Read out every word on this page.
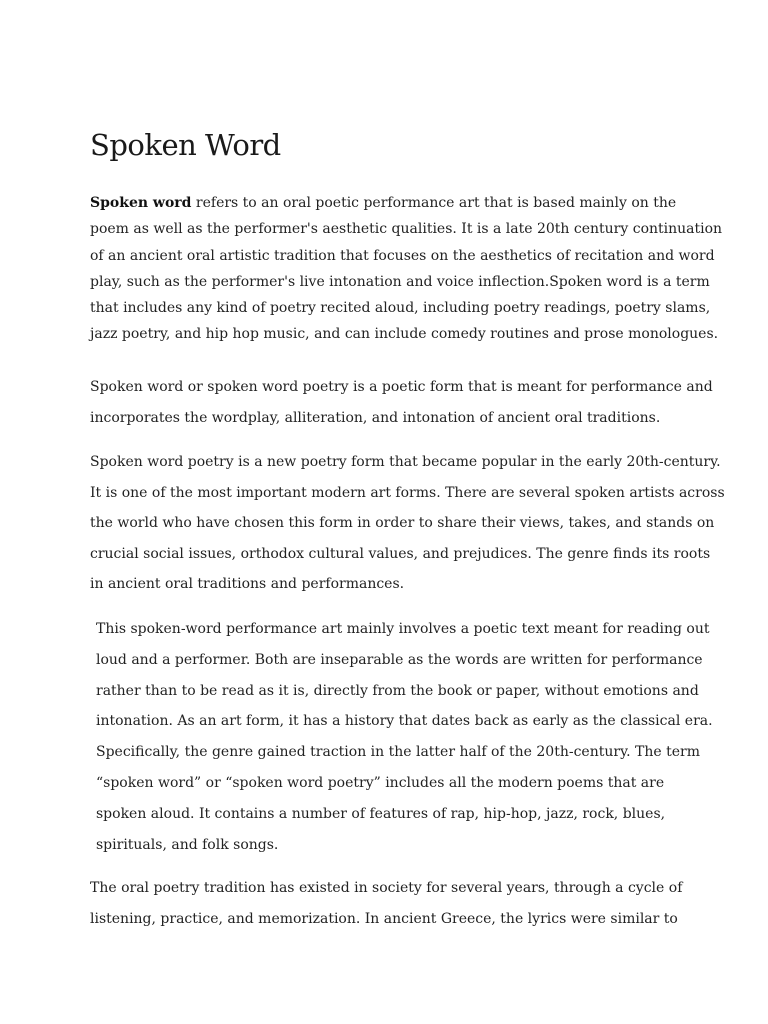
Spoken Word

Spoken word refers to an oral poetic performance art that is based mainly on the
poem as well as the performer's aesthetic qualities. It is a late 20th century continuation
of an ancient oral artistic tradition that focuses on the aesthetics of recitation and word
play, such as the performer's live intonation and voice inflection.Spoken word is a term
that includes any kind of poetry recited aloud, including poetry readings, poetry slams,
jazz poetry, and hip hop music, and can include comedy routines and prose monologues.

Spoken word or spoken word poetry is a poetic form that is meant for performance and
incorporates the wordplay, alliteration, and intonation of ancient oral traditions.

Spoken word poetry is a new poetry form that became popular in the early 20th-century.
It is one of the most important modern art forms. There are several spoken artists across
the world who have chosen this form in order to share their views, takes, and stands on
crucial social issues, orthodox cultural values, and prejudices. The genre finds its roots
in ancient oral traditions and performances.

This spoken-word performance art mainly involves a poetic text meant for reading out
loud and a performer. Both are inseparable as the words are written for performance
rather than to be read as it is, directly from the book or paper, without emotions and
intonation. As an art form, it has a history that dates back as early as the classical era.
Specifically, the genre gained traction in the latter half of the 20th-century. The term
“spoken word” or “spoken word poetry” includes all the modern poems that are
spoken aloud. It contains a number of features of rap, hip-hop, jazz, rock, blues,
spirituals, and folk songs.

The oral poetry tradition has existed in society for several years, through a cycle of
listening, practice, and memorization. In ancient Greece, the lyrics were similar to
